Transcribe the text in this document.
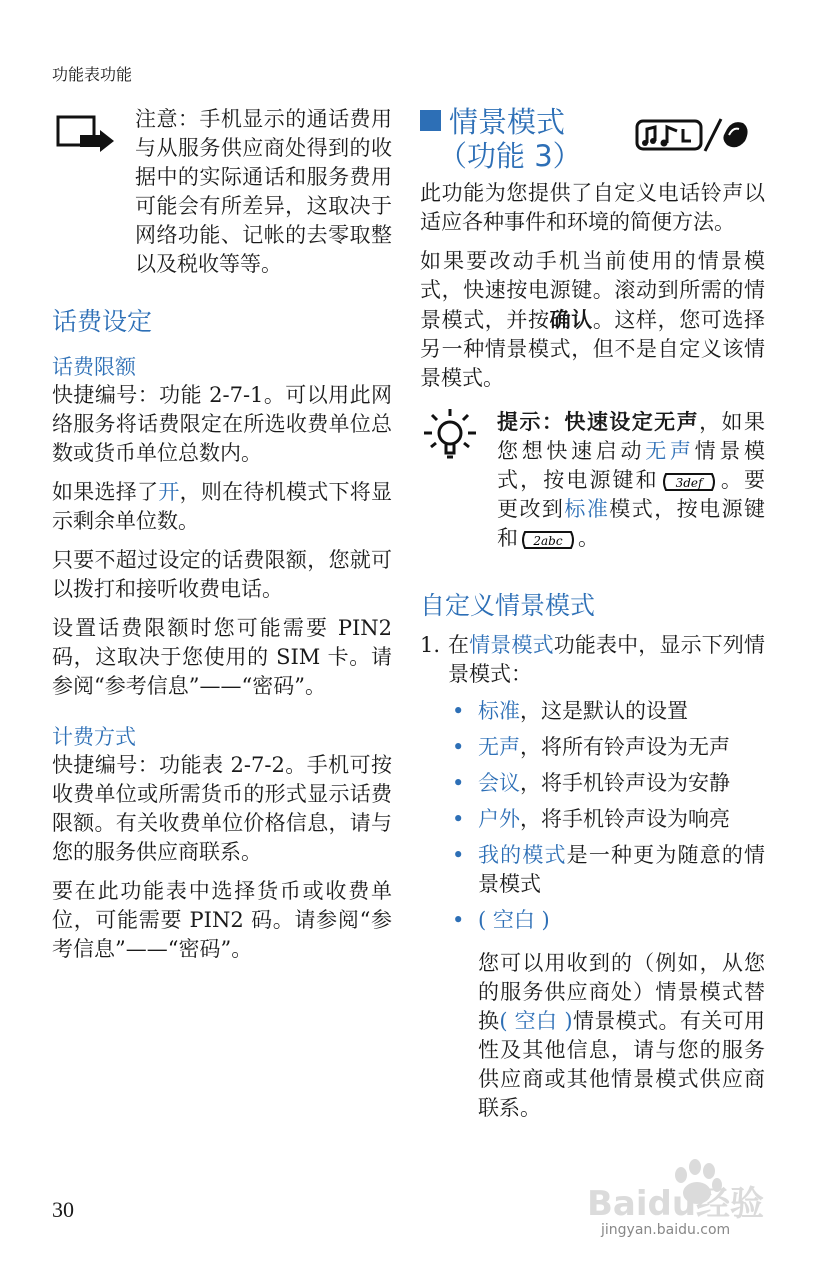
功能表功能
注意：手机显示的通话费用与从服务供应商处得到的收据中的实际通话和服务费用可能会有所差异，这取决于网络功能、记帐的去零取整以及税收等等。
话费设定
话费限额

快捷编号：功能 2-7-1。可以用此网络服务将话费限定在所选收费单位总数或货币单位总数内。

如果选择了开，则在待机模式下将显示剩余单位数。

只要不超过设定的话费限额，您就可以拨打和接听收费电话。

设置话费限额时您可能需要 PIN2 码，这取决于您使用的 SIM 卡。请参阅“参考信息”——“密码”。

计费方式

快捷编号：功能表 2-7-2。手机可按收费单位或所需货币的形式显示话费限额。有关收费单位价格信息，请与您的服务供应商联系。

要在此功能表中选择货币或收费单位，可能需要 PIN2 码。请参阅“参考信息”——“密码”。

情景模式
（功能 3）

此功能为您提供了自定义电话铃声以适应各种事件和环境的简便方法。

如果要改动手机当前使用的情景模式，快速按电源键。滚动到所需的情景模式，并按确认。这样，您可选择另一种情景模式，但不是自定义该情景模式。

提示：快速设定无声，如果您想快速启动无声情景模式，按电源键和 3def 。要更改到标准模式，按电源键和 2abc 。
自定义情景模式
1. 在情景模式功能表中，显示下列情景模式：
• 标准，这是默认的设置
• 无声，将所有铃声设为无声
• 会议，将手机铃声设为安静
• 户外，将手机铃声设为响亮
• 我的模式是一种更为随意的情景模式
• ( 空白 )

您可以用收到的（例如，从您的服务供应商处）情景模式替换( 空白 )情景模式。有关可用性及其他信息，请与您的服务供应商或其他情景模式供应商联系。

30	Baidu经验
jingyan.baidu.com
